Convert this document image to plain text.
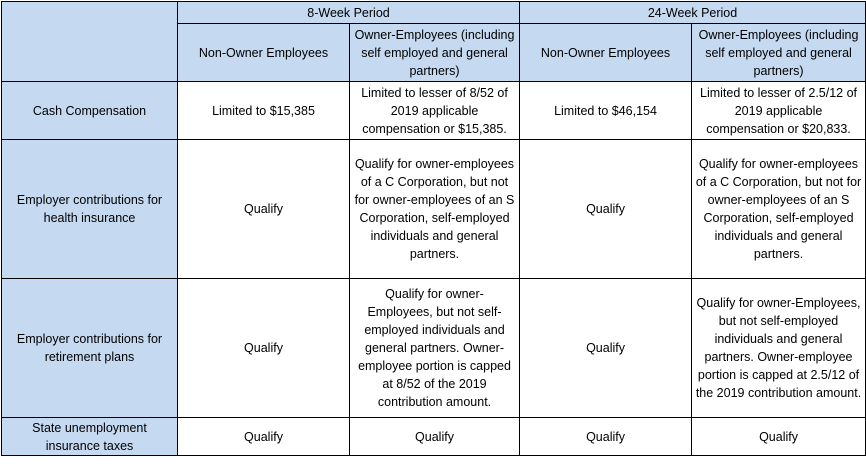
	8-Week Period		24-Week Period	
	Non-Owner Employees	Owner-Employees (including self employed and general partners)	Non-Owner Employees	Owner-Employees (including self employed and general partners)
Cash Compensation	Limited to $15,385	Limited to lesser of 8/52 of 2019 applicable compensation or $15,385.	Limited to $46,154	Limited to lesser of 2.5/12 of 2019 applicable compensation or $20,833.
Employer contributions for health insurance	Qualify	Qualify for owner-employees of a C Corporation, but not for owner-employees of an S Corporation, self-employed individuals and general partners.	Qualify	Qualify for owner-employees of a C Corporation, but not for owner-employees of an S Corporation, self-employed individuals and general partners.
Employer contributions for retirement plans	Qualify	Qualify for owner-Employees, but not self-employed individuals and general partners. Owner-employee portion is capped at 8/52 of the 2019 contribution amount.	Qualify	Qualify for owner-Employees, but not self-employed individuals and general partners. Owner-employee portion is capped at 2.5/12 of the 2019 contribution amount.
State unemployment insurance taxes	Qualify	Qualify	Qualify	Qualify
